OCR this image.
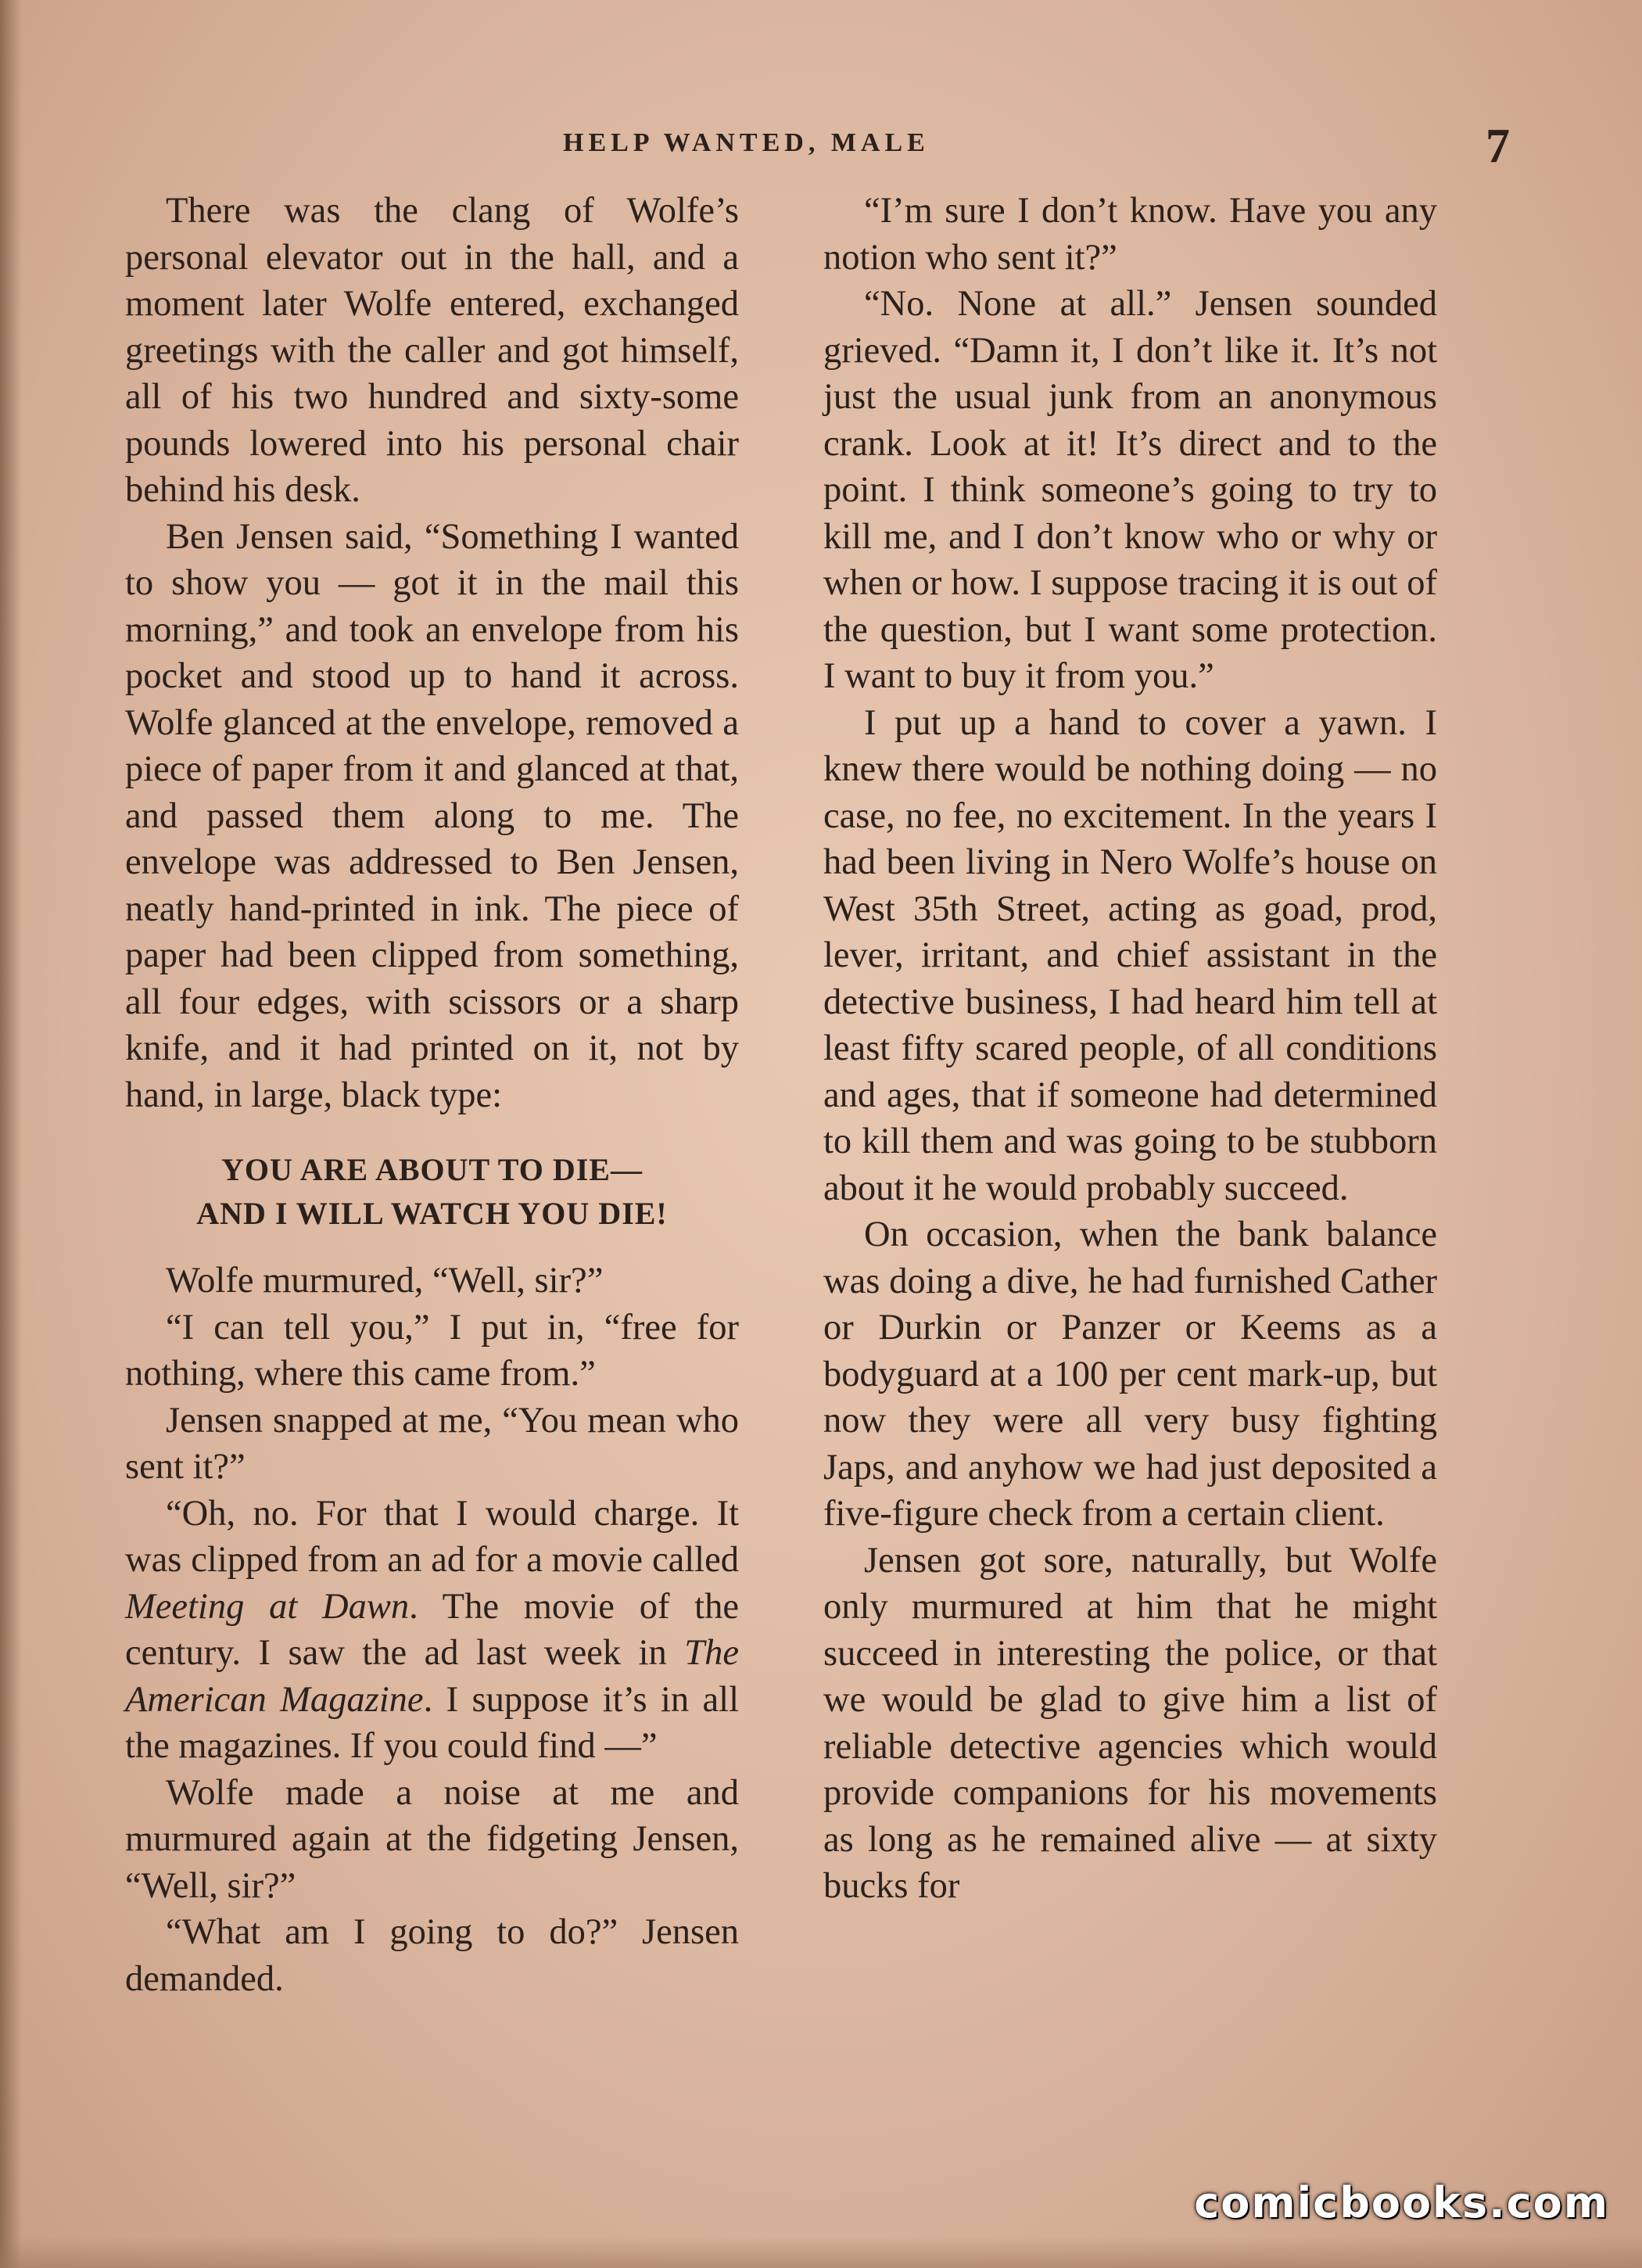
HELP WANTED, MALE	7

There was the clang of Wolfe’s personal elevator out in the hall, and a moment later Wolfe entered, exchanged greetings with the caller and got himself, all of his two hundred and sixty-some pounds lowered into his personal chair behind his desk.

Ben Jensen said, “Something I wanted to show you — got it in the mail this morning,” and took an envelope from his pocket and stood up to hand it across. Wolfe glanced at the envelope, removed a piece of paper from it and glanced at that, and passed them along to me. The envelope was addressed to Ben Jensen, neatly hand-printed in ink. The piece of paper had been clipped from something, all four edges, with scissors or a sharp knife, and it had printed on it, not by hand, in large, black type:

YOU ARE ABOUT TO DIE—
AND I WILL WATCH YOU DIE!

Wolfe murmured, “Well, sir?”

“I can tell you,” I put in, “free for nothing, where this came from.”

Jensen snapped at me, “You mean who sent it?”

“Oh, no. For that I would charge. It was clipped from an ad for a movie called Meeting at Dawn. The movie of the century. I saw the ad last week in The American Magazine. I suppose it’s in all the magazines. If you could find —”

Wolfe made a noise at me and murmured again at the fidgeting Jensen, “Well, sir?”

“What am I going to do?” Jensen demanded.

“I’m sure I don’t know. Have you any notion who sent it?”

“No. None at all.” Jensen sounded grieved. “Damn it, I don’t like it. It’s not just the usual junk from an anonymous crank. Look at it! It’s direct and to the point. I think someone’s going to try to kill me, and I don’t know who or why or when or how. I suppose tracing it is out of the question, but I want some protection. I want to buy it from you.”

I put up a hand to cover a yawn. I knew there would be nothing doing — no case, no fee, no excitement. In the years I had been living in Nero Wolfe’s house on West 35th Street, acting as goad, prod, lever, irritant, and chief assistant in the detective business, I had heard him tell at least fifty scared people, of all conditions and ages, that if someone had determined to kill them and was going to be stubborn about it he would probably succeed.

On occasion, when the bank balance was doing a dive, he had furnished Cather or Durkin or Panzer or Keems as a bodyguard at a 100 per cent mark-up, but now they were all very busy fighting Japs, and anyhow we had just deposited a five-figure check from a certain client.

Jensen got sore, naturally, but Wolfe only murmured at him that he might succeed in interesting the police, or that we would be glad to give him a list of reliable detective agencies which would provide companions for his movements as long as he remained alive — at sixty bucks for

comicbooks.com
